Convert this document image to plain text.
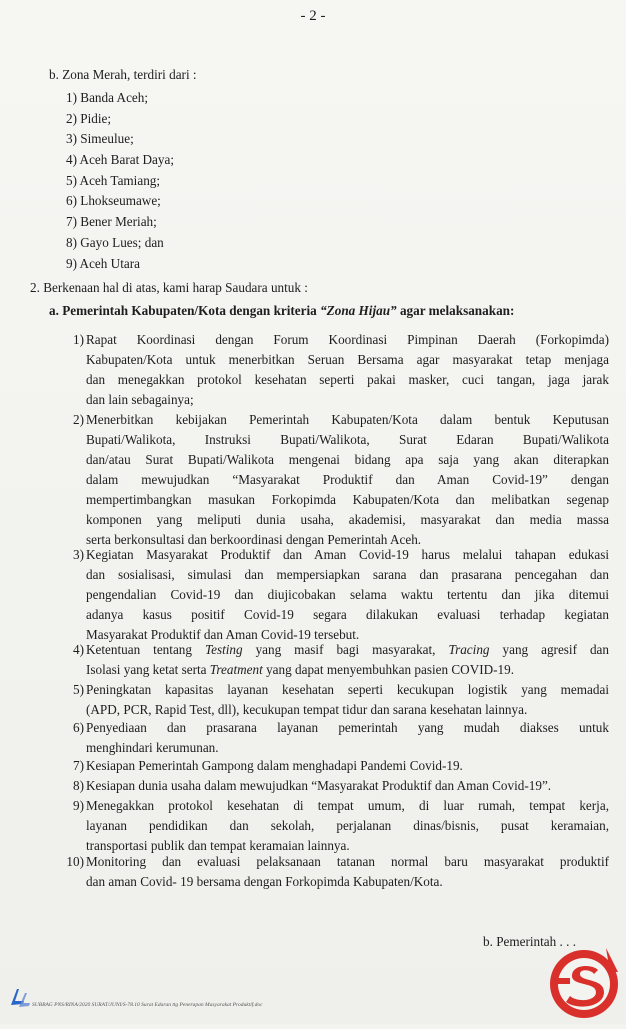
- 2 -
b. Zona Merah, terdiri dari :
1) Banda Aceh;
2) Pidie;
3) Simeulue;
4) Aceh Barat Daya;
5) Aceh Tamiang;
6) Lhokseumawe;
7) Bener Meriah;
8) Gayo Lues; dan
9) Aceh Utara
2. Berkenaan hal di atas, kami harap Saudara untuk :
a. Pemerintah Kabupaten/Kota dengan kriteria “Zona Hijau” agar melaksanakan:
1) Rapat Koordinasi dengan Forum Koordinasi Pimpinan Daerah (Forkopimda)
Kabupaten/Kota untuk menerbitkan Seruan Bersama agar masyarakat tetap menjaga
dan menegakkan protokol kesehatan seperti pakai masker, cuci tangan, jaga jarak
dan lain sebagainya;
2) Menerbitkan kebijakan Pemerintah Kabupaten/Kota dalam bentuk Keputusan
Bupati/Walikota, Instruksi Bupati/Walikota, Surat Edaran Bupati/Walikota
dan/atau Surat Bupati/Walikota mengenai bidang apa saja yang akan diterapkan
dalam mewujudkan “Masyarakat Produktif dan Aman Covid-19” dengan
mempertimbangkan masukan Forkopimda Kabupaten/Kota dan melibatkan segenap
komponen yang meliputi dunia usaha, akademisi, masyarakat dan media massa
serta berkonsultasi dan berkoordinasi dengan Pemerintah Aceh.
3) Kegiatan Masyarakat Produktif dan Aman Covid-19 harus melalui tahapan edukasi
dan sosialisasi, simulasi dan mempersiapkan sarana dan prasarana pencegahan dan
pengendalian Covid-19 dan diujicobakan selama waktu tertentu dan jika ditemui
adanya kasus positif Covid-19 segara dilakukan evaluasi terhadap kegiatan
Masyarakat Produktif dan Aman Covid-19 tersebut.
4) Ketentuan tentang Testing yang masif bagi masyarakat, Tracing yang agresif dan
Isolasi yang ketat serta Treatment yang dapat menyembuhkan pasien COVID-19.
5) Peningkatan kapasitas layanan kesehatan seperti kecukupan logistik yang memadai
(APD, PCR, Rapid Test, dll), kecukupan tempat tidur dan sarana kesehatan lainnya.
6) Penyediaan dan prasarana layanan pemerintah yang mudah diakses untuk
menghindari kerumunan.
7) Kesiapan Pemerintah Gampong dalam menghadapi Pandemi Covid-19.
8) Kesiapan dunia usaha dalam mewujudkan “Masyarakat Produktif dan Aman Covid-19”.
9) Menegakkan protokol kesehatan di tempat umum, di luar rumah, tempat kerja,
layanan pendidikan dan sekolah, perjalanan dinas/bisnis, pusat keramaian,
transportasi publik dan tempat keramaian lainnya.
10) Monitoring dan evaluasi pelaksanaan tatanan normal baru masyarakat produktif
dan aman Covid- 19 bersama dengan Forkopimda Kabupaten/Kota.
b. Pemerintah . . .
SUBBAG PNS/RINA/2020 SURAT/JUNI/S-78.10 Surat Edaran ttg Penerapan Masyarakat Produktif.doc
